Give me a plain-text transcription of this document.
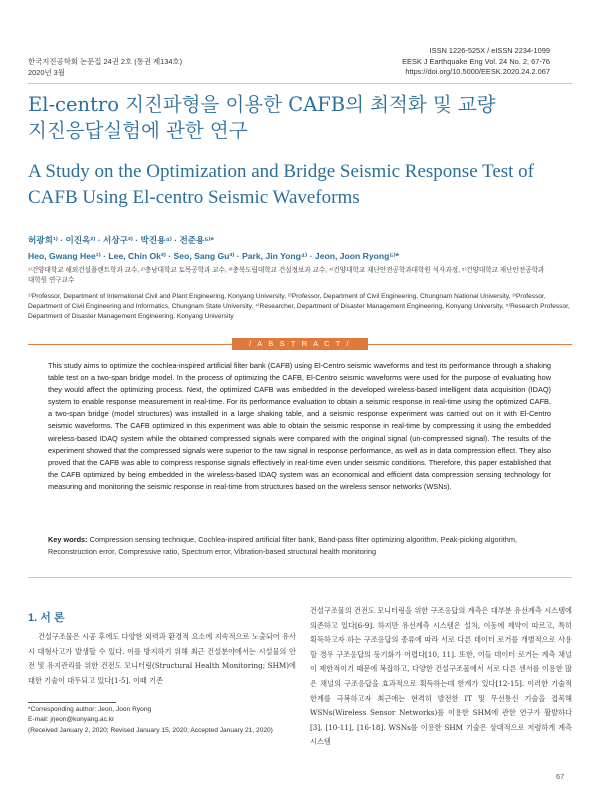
한국지진공학회 논문집 24권 2호 (통권 제134호)
2020년 3월
ISSN 1226-525X / eISSN 2234-1099
EESK J Earthquake Eng Vol. 24 No. 2, 67-76
https://doi.org/10.5000/EESK.2020.24.2.067
El-centro 지진파형을 이용한 CAFB의 최적화 및 교량
지진응답실험에 관한 연구
A Study on the Optimization and Bridge Seismic Response Test of
CAFB Using El-centro Seismic Waveforms
허광희¹⁾ · 이진옥²⁾ · 서상구³⁾ · 박진용⁴⁾ · 전준용⁵⁾*
Heo, Gwang Hee¹⁾ · Lee, Chin Ok²⁾ · Seo, Sang Gu³⁾ · Park, Jin Yong⁴⁾ · Jeon, Joon Ryong⁵⁾*
¹⁾건양대학교 해외건설플랜트학과 교수, ²⁾충남대학교 토목공학과 교수, ³⁾충북도립대학교 건설정보과 교수, ⁴⁾건양대학교 재난안전공학과대학원 석사과정, ⁵⁾건양대학교 재난안전공학과대학원 연구교수
¹⁾Professor, Department of International Civil and Plant Engineering, Konyang University, ²⁾Professor, Department of Civil Engineering, Chungnam National University, ³⁾Professor, Department of Civil Engineering and Informatics, Chungnam State University, ⁴⁾Researcher, Department of Disaster Management Engineering, Konyang University, ⁵⁾Research Professor, Department of Disaster Management Engineering, Konyang University
/ A B S T R A C T /
This study aims to optimize the cochlea-inspired artificial filter bank (CAFB) using El-Centro seismic waveforms and test its performance through a shaking table test on a two-span bridge model. In the process of optimizing the CAFB, El-Centro seismic waveforms were used for the purpose of evaluating how they would affect the optimizing process. Next, the optimized CAFB was embedded in the developed wireless-based intelligent data acquisition (IDAQ) system to enable response measurement in real-time. For its performance evaluation to obtain a seismic response in real-time using the optimized CAFB, a two-span bridge (model structures) was installed in a large shaking table, and a seismic response experiment was carried out on it with El-Centro seismic waveforms. The CAFB optimized in this experiment was able to obtain the seismic response in real-time by compressing it using the embedded wireless-based IDAQ system while the obtained compressed signals were compared with the original signal (un-compressed signal). The results of the experiment showed that the compressed signals were superior to the raw signal in response performance, as well as in data compression effect. They also proved that the CAFB was able to compress response signals effectively in real-time even under seismic conditions. Therefore, this paper established that the CAFB optimized by being embedded in the wireless-based IDAQ system was an economical and efficient data compression sensing technology for measuring and monitoring the seismic response in real-time from structures based on the wireless sensor networks (WSNs).
Key words: Compression sensing technique, Cochlea-inspired artificial filter bank, Band-pass filter optimizing algorithm, Peak-picking algorithm, Reconstruction error, Compressive ratio, Spectrum error, Vibration-based structural health monitoring
1. 서 론
건설구조물은 시공 후에도 다양한 외력과 환경적 요소에 지속적으로 노출되어 유사 시 대형사고가 발생할 수 있다. 이를 방지하기 위해 최근 건설분야에서는 시설물의 안전 및 유지관리를 위한 건전도 모니터링(Structural Health Monitoring; SHM)에 대한 기술이 대두되고 있다[1-5]. 이때 기존
건설구조물의 건전도 모니터링을 위한 구조응답의 계측은 대부분 유선계측 시스템에 의존하고 있다[6-9]. 하지만 유선계측 시스템은 설치, 이동에 제약이 따르고, 특히 획득하고자 하는 구조응답의 종류에 따라 서로 다른 데이터 로거를 개별적으로 사용할 경우 구조응답의 동기화가 어렵다[10, 11]. 또한, 이들 데이터 로거는 계측 채널이 제한적이기 때문에 복잡하고, 다양한 건설구조물에서 서로 다른 센서를 이용한 많은 채널의 구조응답을 효과적으로 획득하는데 한계가 있다[12-15]. 이러한 기술적 한계를 극복하고자 최근에는 현격히 발전한 IT 및 무선통신 기술을 접목해 WSNs(Wireless Sensor Networks)를 이용한 SHM에 관한 연구가 활발하다[3], [10-11], [16-18]. WSNs를 이용한 SHM 기술은 상대적으로 저렴하게 계측 시스템
*Corresponding author: Jeon, Joon Ryong
E-mail: jrjeon@konyang.ac.kr
(Received January 2, 2020; Revised January 15, 2020; Accepted January 21, 2020)
67
